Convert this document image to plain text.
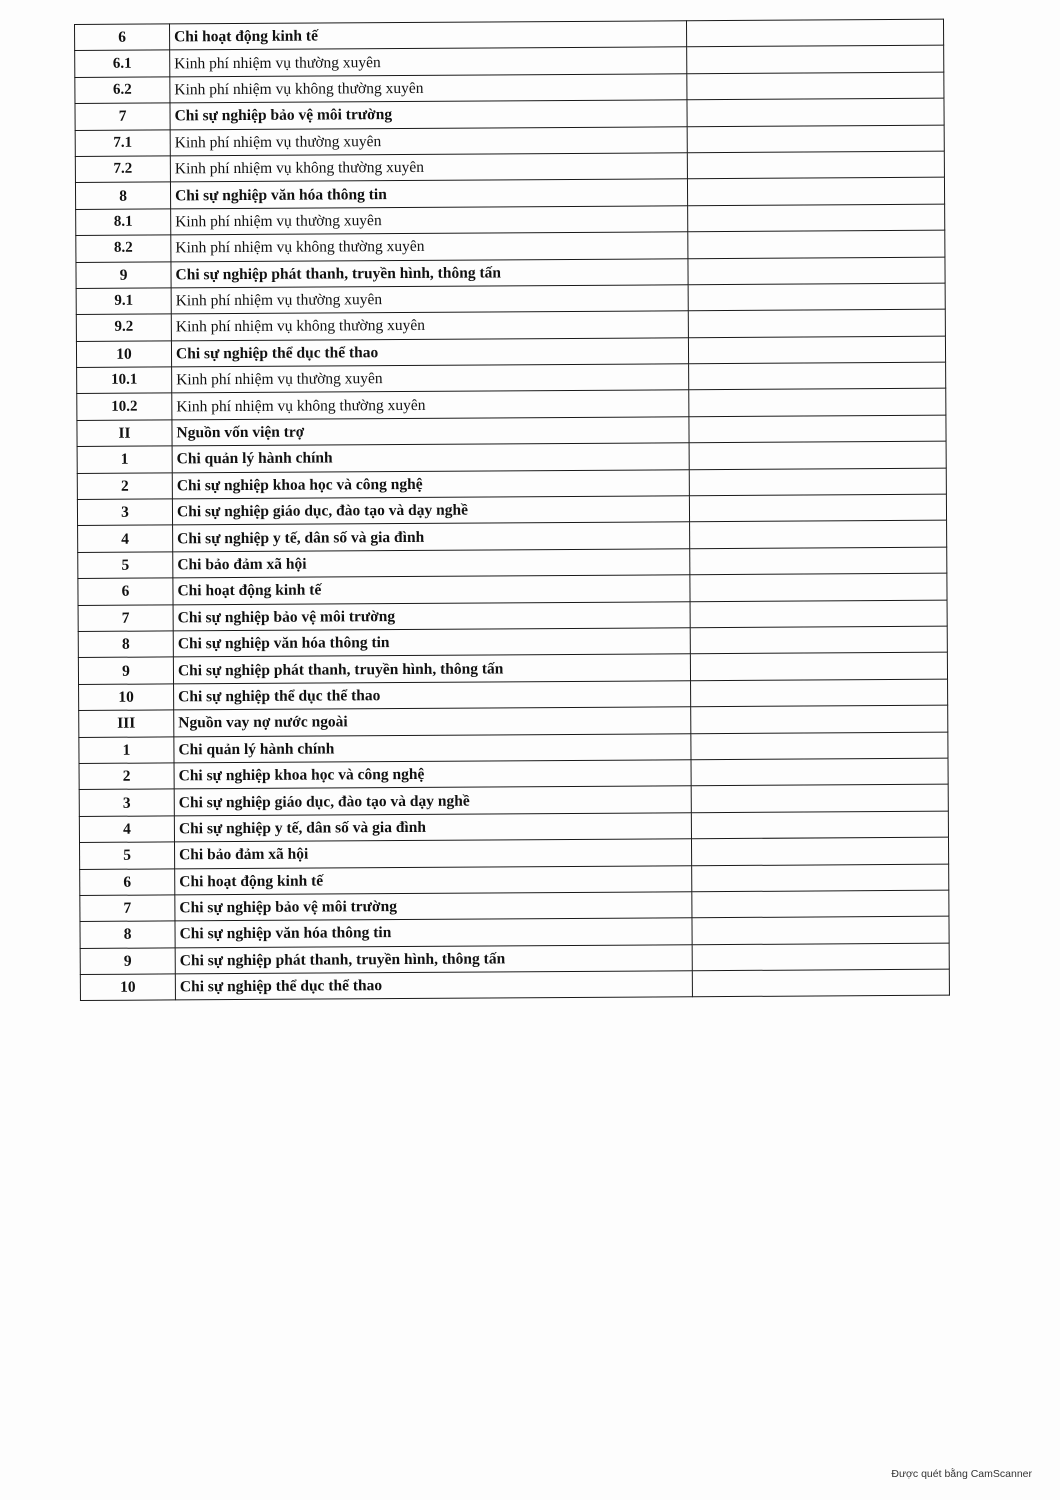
6	Chi hoạt động kinh tế	
6.1	Kinh phí nhiệm vụ thường xuyên	
6.2	Kinh phí nhiệm vụ không thường xuyên	
7	Chi sự nghiệp bảo vệ môi trường	
7.1	Kinh phí nhiệm vụ thường xuyên	
7.2	Kinh phí nhiệm vụ không thường xuyên	
8	Chi sự nghiệp văn hóa thông tin	
8.1	Kinh phí nhiệm vụ thường xuyên	
8.2	Kinh phí nhiệm vụ không thường xuyên	
9	Chi sự nghiệp phát thanh, truyền hình, thông tấn	
9.1	Kinh phí nhiệm vụ thường xuyên	
9.2	Kinh phí nhiệm vụ không thường xuyên	
10	Chi sự nghiệp thể dục thể thao	
10.1	Kinh phí nhiệm vụ thường xuyên	
10.2	Kinh phí nhiệm vụ không thường xuyên	
II	Nguồn vốn viện trợ	
1	Chi quản lý hành chính	
2	Chi sự nghiệp khoa học và công nghệ	
3	Chi sự nghiệp giáo dục, đào tạo và dạy nghề	
4	Chi sự nghiệp y tế, dân số và gia đình	
5	Chi bảo đảm xã hội	
6	Chi hoạt động kinh tế	
7	Chi sự nghiệp bảo vệ môi trường	
8	Chi sự nghiệp văn hóa thông tin	
9	Chi sự nghiệp phát thanh, truyền hình, thông tấn	
10	Chi sự nghiệp thể dục thể thao	
III	Nguồn vay nợ nước ngoài	
1	Chi quản lý hành chính	
2	Chi sự nghiệp khoa học và công nghệ	
3	Chi sự nghiệp giáo dục, đào tạo và dạy nghề	
4	Chi sự nghiệp y tế, dân số và gia đình	
5	Chi bảo đảm xã hội	
6	Chi hoạt động kinh tế	
7	Chi sự nghiệp bảo vệ môi trường	
8	Chi sự nghiệp văn hóa thông tin	
9	Chi sự nghiệp phát thanh, truyền hình, thông tấn	
10	Chi sự nghiệp thể dục thể thao	
Được quét bằng CamScanner
